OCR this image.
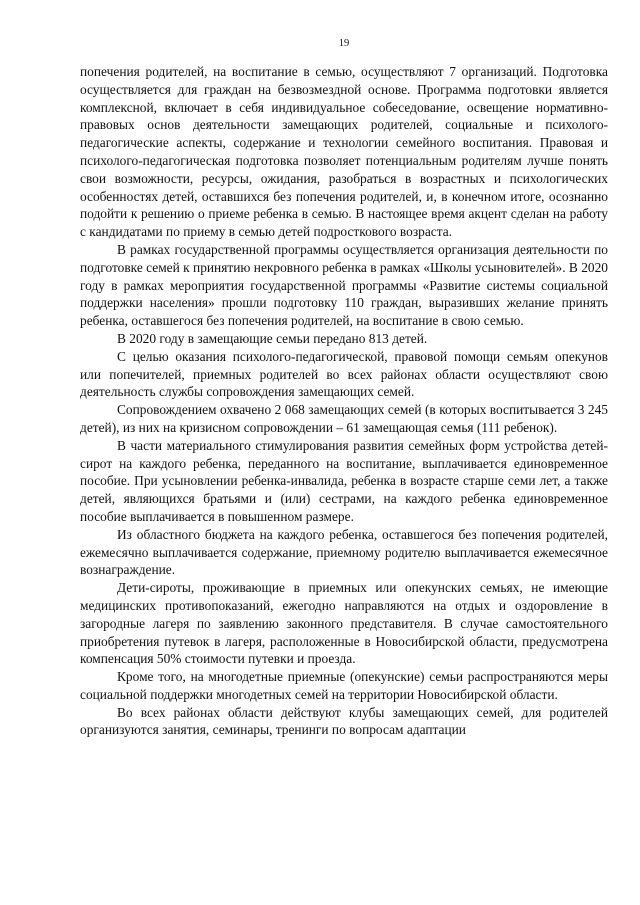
19

попечения родителей, на воспитание в семью, осуществляют 7 организаций. Подготовка осуществляется для граждан на безвозмездной основе. Программа подготовки является комплексной, включает в себя индивидуальное собеседование, освещение нормативно-правовых основ деятельности замещающих родителей, социальные и психолого-педагогические аспекты, содержание и технологии семейного воспитания. Правовая и психолого-педагогическая подготовка позволяет потенциальным родителям лучше понять свои возможности, ресурсы, ожидания, разобраться в возрастных и психологических особенностях детей, оставшихся без попечения родителей, и, в конечном итоге, осознанно подойти к решению о приеме ребенка в семью. В настоящее время акцент сделан на работу с кандидатами по приему в семью детей подросткового возраста.

В рамках государственной программы осуществляется организация деятельности по подготовке семей к принятию некровного ребенка в рамках «Школы усыновителей». В 2020 году в рамках мероприятия государственной программы «Развитие системы социальной поддержки населения» прошли подготовку 110 граждан, выразивших желание принять ребенка, оставшегося без попечения родителей, на воспитание в свою семью.

В 2020 году в замещающие семьи передано 813 детей.

С целью оказания психолого-педагогической, правовой помощи семьям опекунов или попечителей, приемных родителей во всех районах области осуществляют свою деятельность службы сопровождения замещающих семей.

Сопровождением охвачено 2 068 замещающих семей (в которых воспитывается 3 245 детей), из них на кризисном сопровождении – 61 замещающая семья (111 ребенок).

В части материального стимулирования развития семейных форм устройства детей-сирот на каждого ребенка, переданного на воспитание, выплачивается единовременное пособие. При усыновлении ребенка-инвалида, ребенка в возрасте старше семи лет, а также детей, являющихся братьями и (или) сестрами, на каждого ребенка единовременное пособие выплачивается в повышенном размере.

Из областного бюджета на каждого ребенка, оставшегося без попечения родителей, ежемесячно выплачивается содержание, приемному родителю выплачивается ежемесячное вознаграждение.

Дети-сироты, проживающие в приемных или опекунских семьях, не имеющие медицинских противопоказаний, ежегодно направляются на отдых и оздоровление в загородные лагеря по заявлению законного представителя. В случае самостоятельного приобретения путевок в лагеря, расположенные в Новосибирской области, предусмотрена компенсация 50% стоимости путевки и проезда.

Кроме того, на многодетные приемные (опекунские) семьи распространяются меры социальной поддержки многодетных семей на территории Новосибирской области.

Во всех районах области действуют клубы замещающих семей, для родителей организуются занятия, семинары, тренинги по вопросам адаптации
